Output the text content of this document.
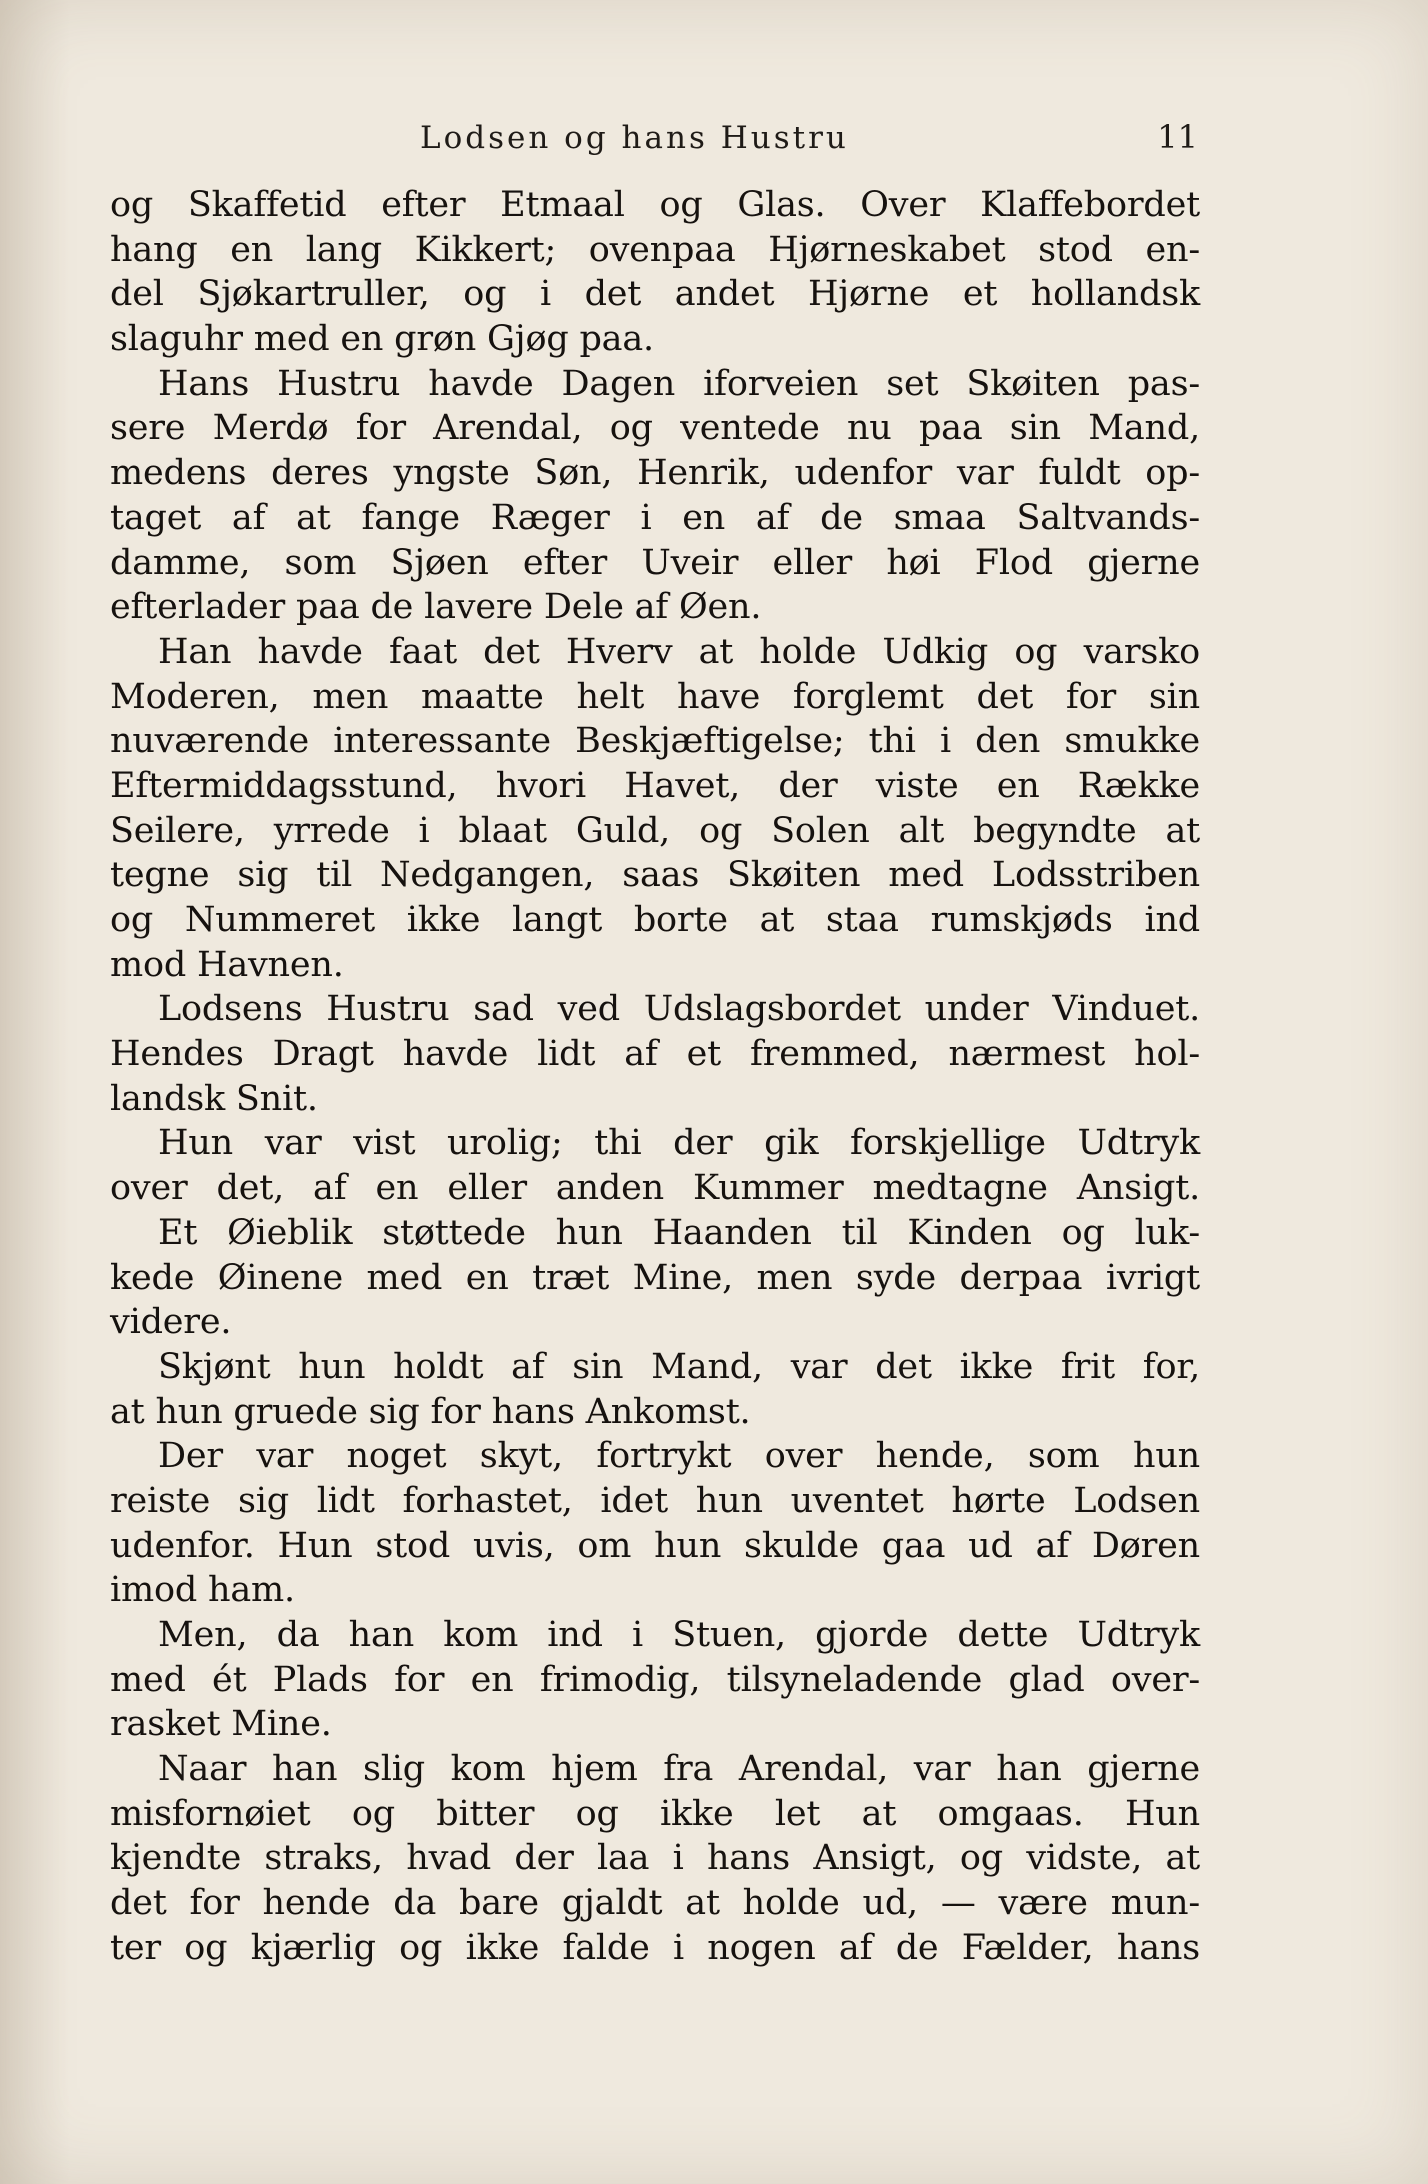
Lodsen og hans Hustru	11
og Skaffetid efter Etmaal og Glas. Over Klaffebordet
hang en lang Kikkert; ovenpaa Hjørneskabet stod en-
del Sjøkartruller, og i det andet Hjørne et hollandsk
slaguhr med en grøn Gjøg paa.
Hans Hustru havde Dagen iforveien set Skøiten pas-
sere Merdø for Arendal, og ventede nu paa sin Mand,
medens deres yngste Søn, Henrik, udenfor var fuldt op-
taget af at fange Ræger i en af de smaa Saltvands-
damme, som Sjøen efter Uveir eller høi Flod gjerne
efterlader paa de lavere Dele af Øen.
Han havde faat det Hverv at holde Udkig og varsko
Moderen, men maatte helt have forglemt det for sin
nuværende interessante Beskjæftigelse; thi i den smukke
Eftermiddagsstund, hvori Havet, der viste en Række
Seilere, yrrede i blaat Guld, og Solen alt begyndte at
tegne sig til Nedgangen, saas Skøiten med Lodsstriben
og Nummeret ikke langt borte at staa rumskjøds ind
mod Havnen.
Lodsens Hustru sad ved Udslagsbordet under Vinduet.
Hendes Dragt havde lidt af et fremmed, nærmest hol-
landsk Snit.
Hun var vist urolig; thi der gik forskjellige Udtryk
over det, af en eller anden Kummer medtagne Ansigt.
Et Øieblik støttede hun Haanden til Kinden og luk-
kede Øinene med en træt Mine, men syde derpaa ivrigt
videre.
Skjønt hun holdt af sin Mand, var det ikke frit for,
at hun gruede sig for hans Ankomst.
Der var noget skyt, fortrykt over hende, som hun
reiste sig lidt forhastet, idet hun uventet hørte Lodsen
udenfor. Hun stod uvis, om hun skulde gaa ud af Døren
imod ham.
Men, da han kom ind i Stuen, gjorde dette Udtryk
med ét Plads for en frimodig, tilsyneladende glad over-
rasket Mine.
Naar han slig kom hjem fra Arendal, var han gjerne
misfornøiet og bitter og ikke let at omgaas. Hun
kjendte straks, hvad der laa i hans Ansigt, og vidste, at
det for hende da bare gjaldt at holde ud, — være mun-
ter og kjærlig og ikke falde i nogen af de Fælder, hans
